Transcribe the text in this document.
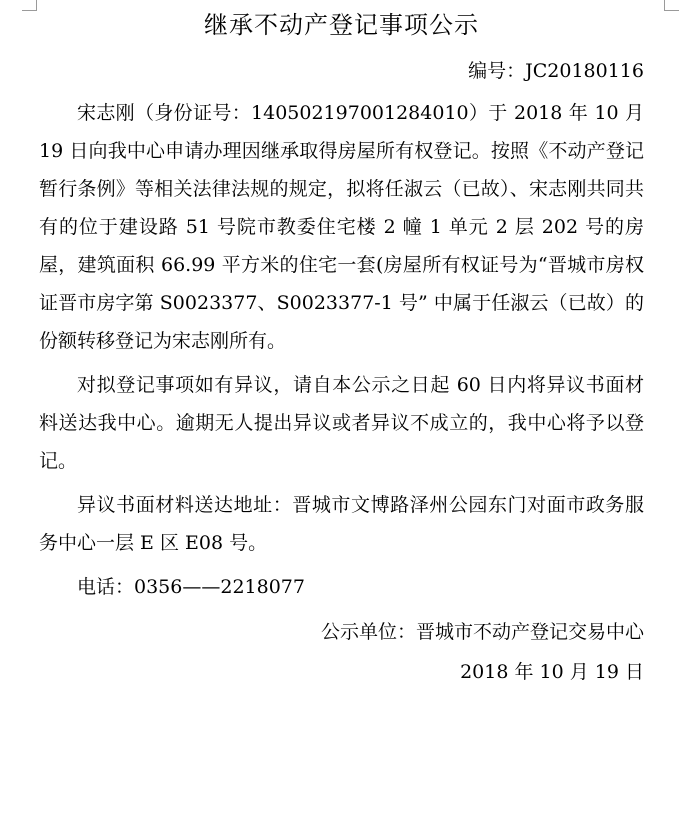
继承不动产登记事项公示

编号：JC20180116

宋志刚（身份证号：140502197001284010）于 2018 年 10 月 19 日向我中心申请办理因继承取得房屋所有权登记。按照《不动产登记暂行条例》等相关法律法规的规定，拟将任淑云（已故）、宋志刚共同共有的位于建设路 51 号院市教委住宅楼 2 幢 1 单元 2 层 202 号的房屋，建筑面积 66.99 平方米的住宅一套(房屋所有权证号为“晋城市房权证晋市房字第 S0023377、S0023377-1 号” 中属于任淑云（已故）的份额转移登记为宋志刚所有。

对拟登记事项如有异议，请自本公示之日起 60 日内将异议书面材料送达我中心。逾期无人提出异议或者异议不成立的，我中心将予以登记。

异议书面材料送达地址：晋城市文博路泽州公园东门对面市政务服务中心一层 E 区 E08 号。

电话：0356——2218077

公示单位：晋城市不动产登记交易中心

2018 年 10 月 19 日
